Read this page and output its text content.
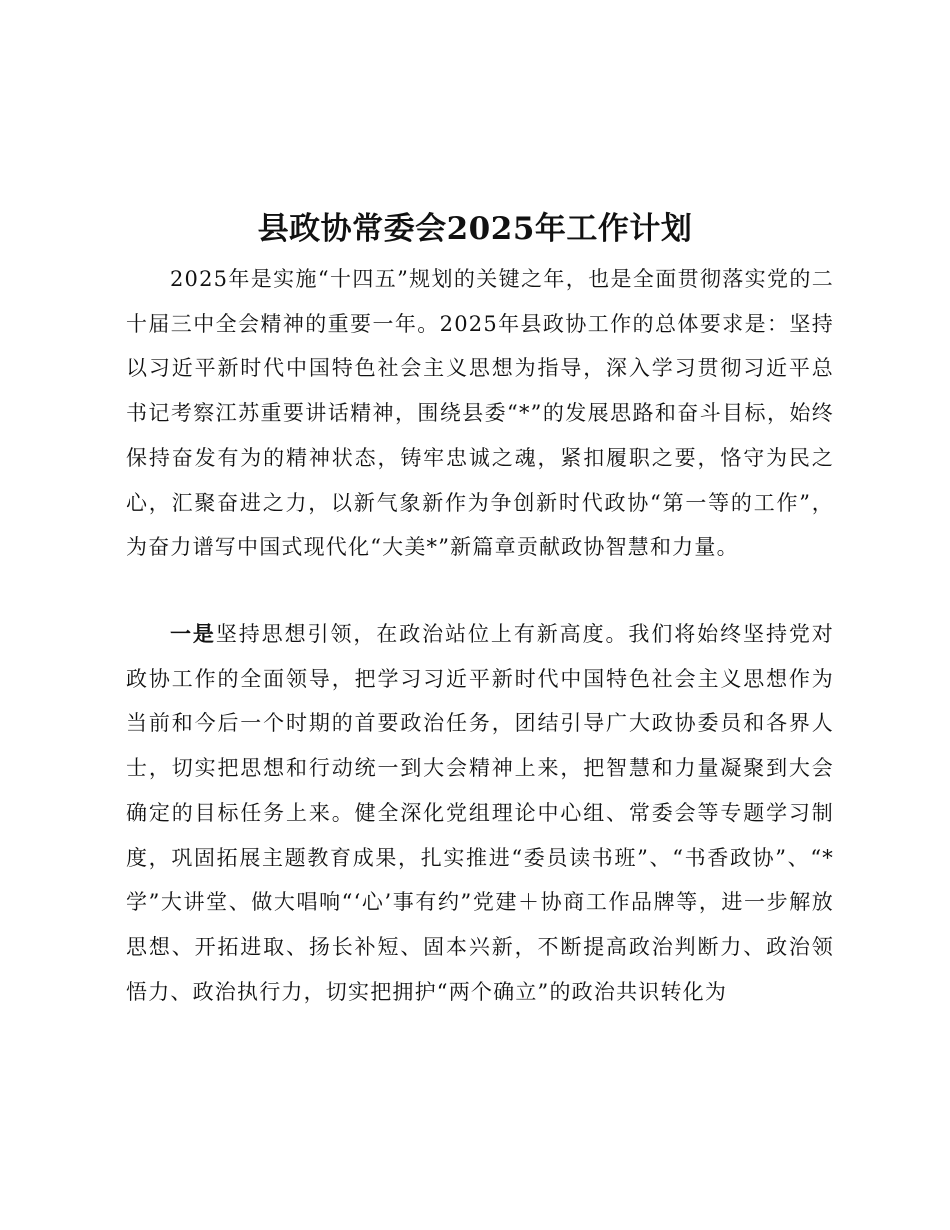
县政协常委会2025年工作计划

2025年是实施“十四五”规划的关键之年，也是全面贯彻落实党的二十届三中全会精神的重要一年。2025年县政协工作的总体要求是：坚持以习近平新时代中国特色社会主义思想为指导，深入学习贯彻习近平总书记考察江苏重要讲话精神，围绕县委“*”的发展思路和奋斗目标，始终保持奋发有为的精神状态，铸牢忠诚之魂，紧扣履职之要，恪守为民之心，汇聚奋进之力，以新气象新作为争创新时代政协“第一等的工作”，为奋力谱写中国式现代化“大美*”新篇章贡献政协智慧和力量。

一是坚持思想引领，在政治站位上有新高度。我们将始终坚持党对政协工作的全面领导，把学习习近平新时代中国特色社会主义思想作为当前和今后一个时期的首要政治任务，团结引导广大政协委员和各界人士，切实把思想和行动统一到大会精神上来，把智慧和力量凝聚到大会确定的目标任务上来。健全深化党组理论中心组、常委会等专题学习制度，巩固拓展主题教育成果，扎实推进“委员读书班”、“书香政协”、“*学”大讲堂、做大唱响“‘心’事有约”党建＋协商工作品牌等，进一步解放思想、开拓进取、扬长补短、固本兴新，不断提高政治判断力、政治领悟力、政治执行力，切实把拥护“两个确立”的政治共识转化为
